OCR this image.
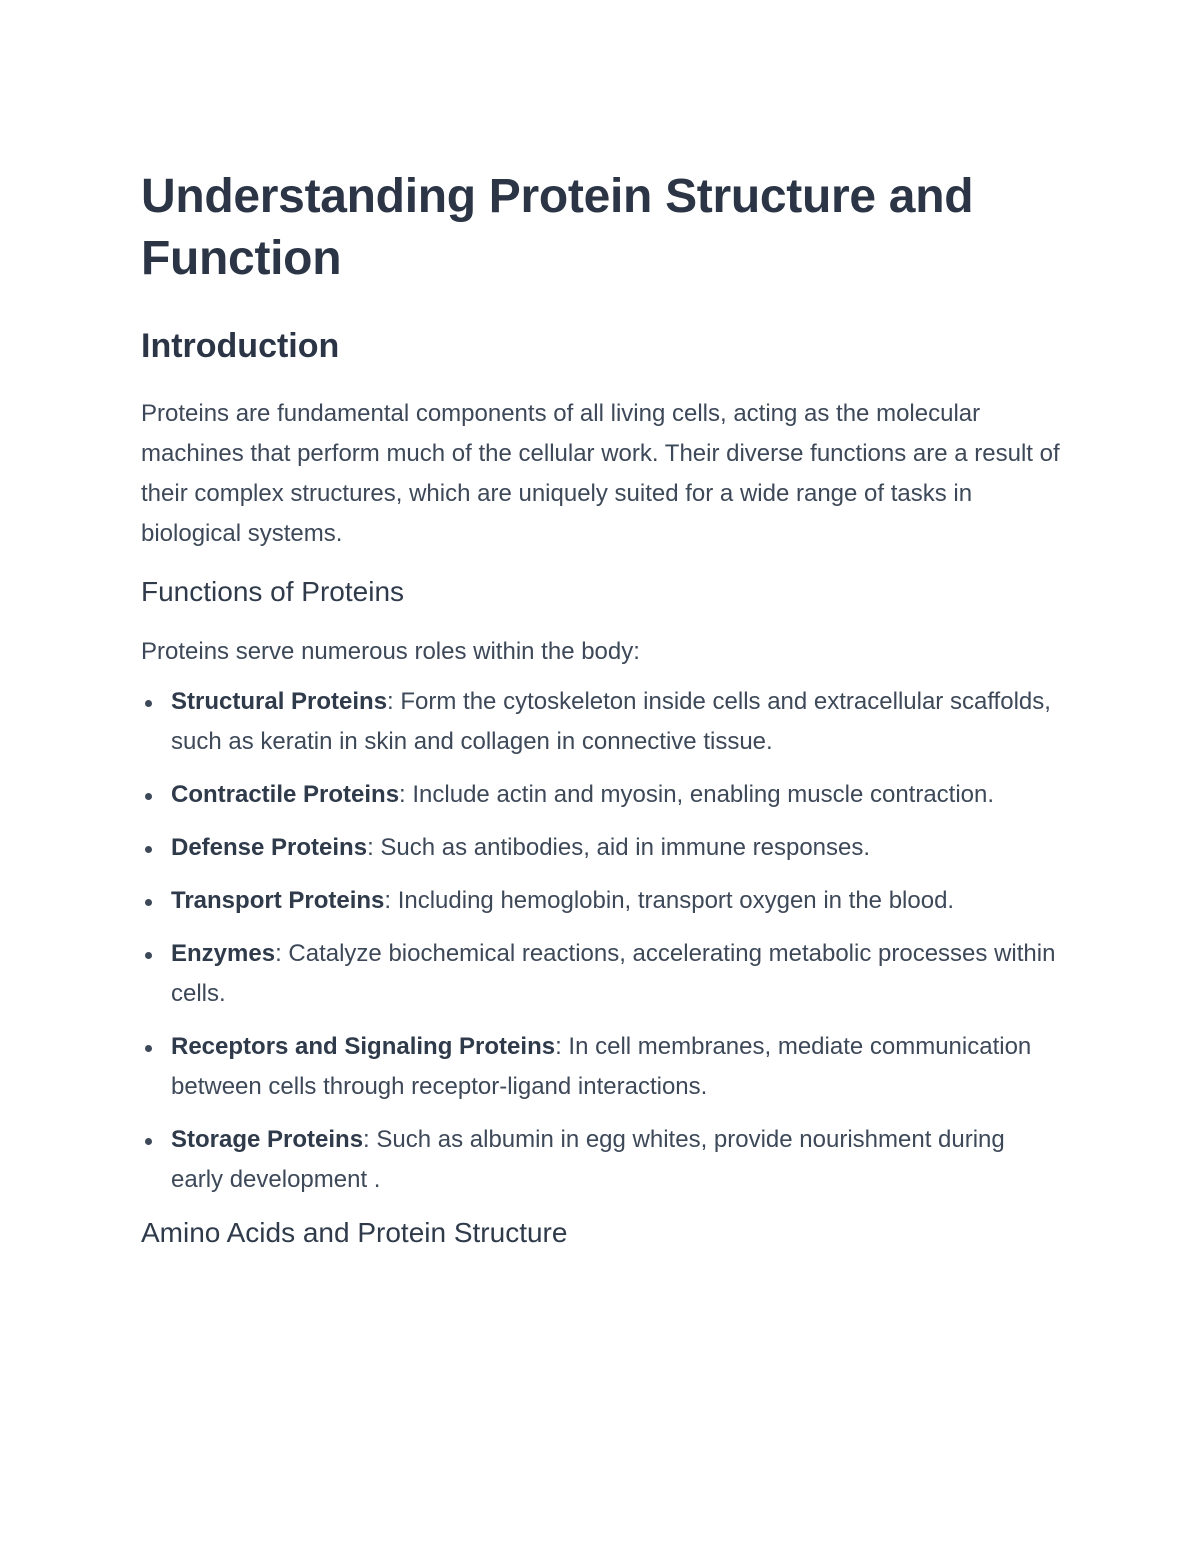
Understanding Protein Structure and Function
Introduction

Proteins are fundamental components of all living cells, acting as the molecular machines that perform much of the cellular work. Their diverse functions are a result of their complex structures, which are uniquely suited for a wide range of tasks in biological systems.

Functions of Proteins

Proteins serve numerous roles within the body:

Structural Proteins: Form the cytoskeleton inside cells and extracellular scaffolds, such as keratin in skin and collagen in connective tissue.
Contractile Proteins: Include actin and myosin, enabling muscle contraction.
Defense Proteins: Such as antibodies, aid in immune responses.
Transport Proteins: Including hemoglobin, transport oxygen in the blood.
Enzymes: Catalyze biochemical reactions, accelerating metabolic processes within cells.
Receptors and Signaling Proteins: In cell membranes, mediate communication between cells through receptor-ligand interactions.
Storage Proteins: Such as albumin in egg whites, provide nourishment during early development .
Amino Acids and Protein Structure
